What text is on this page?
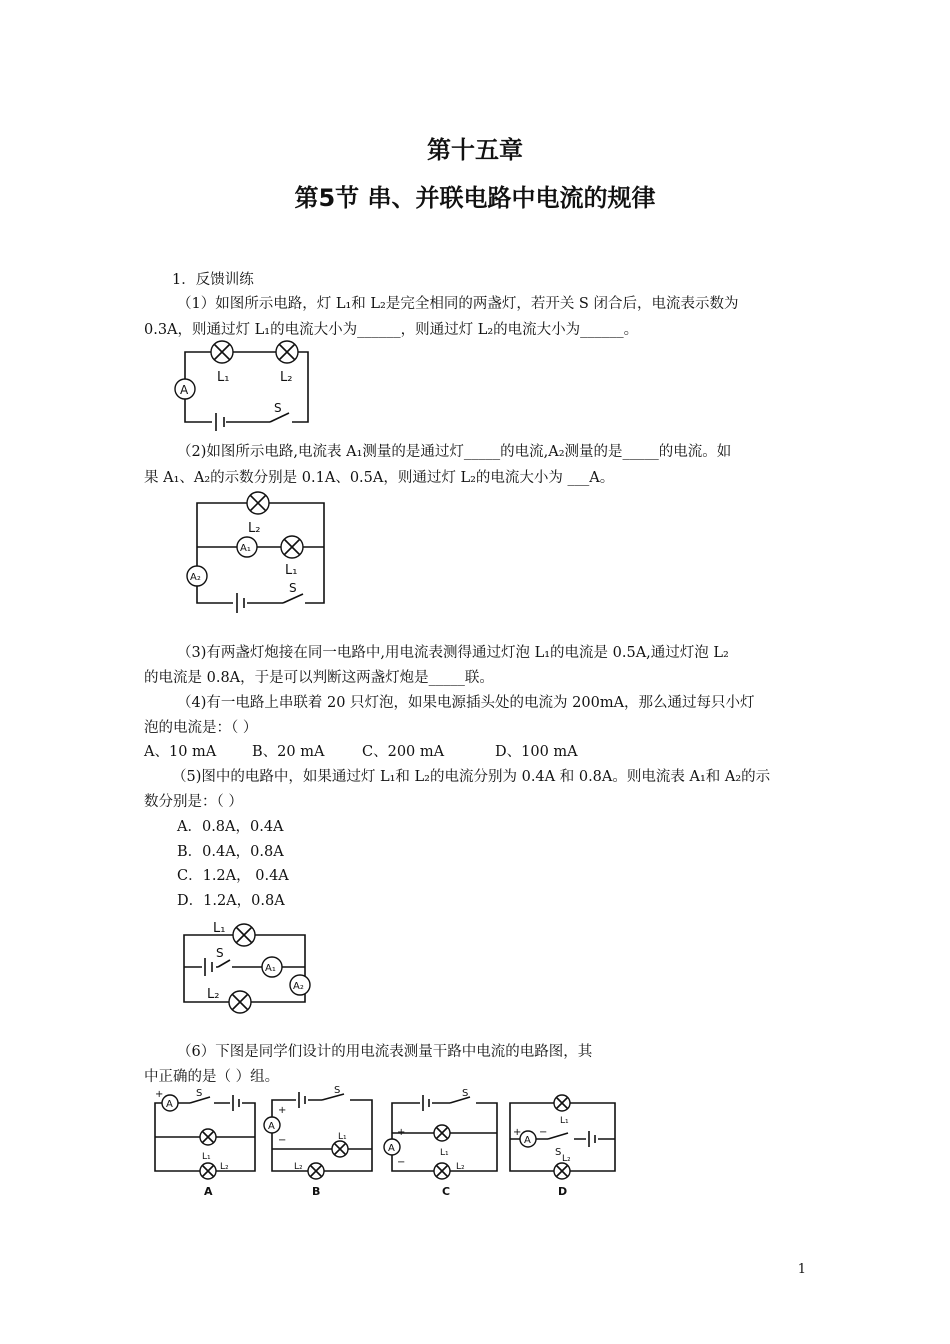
第十五章
第5节 串、并联电路中电流的规律
1．反馈训练
（1）如图所示电路，灯 L₁和 L₂是完全相同的两盏灯，若开关 S 闭合后，电流表示数为
0.3A，则通过灯 L₁的电流大小为______，则通过灯 L₂的电流大小为______。
L₁	L₂
A
S
（2)如图所示电路,电流表 A₁测量的是通过灯_____的电流,A₂测量的是_____的电流。如
果 A₁、A₂的示数分别是 0.1A、0.5A，则通过灯 L₂的电流大小为 ___A。
L₂
L₁
A₁
A₂
S
（3)有两盏灯炮接在同一电路中,用电流表测得通过灯泡 L₁的电流是 0.5A,通过灯泡 L₂
的电流是 0.8A，于是可以判断这两盏灯炮是_____联。
（4)有一电路上串联着 20 只灯泡，如果电源插头处的电流为 200mA，那么通过每只小灯
泡的电流是：（ ）
A、10 mA B、20 mA	C、200 mA	D、100 mA
（5)图中的电路中，如果通过灯 L₁和 L₂的电流分别为 0.4A 和 0.8A。则电流表 A₁和 A₂的示
数分别是：（ ）
A．0.8A，0.4A
B．0.4A，0.8A
C．1.2A， 0.4A
D．1.2A，0.8A
L₁
L₂
S
A₁
A₂
（6）下图是同学们设计的用电流表测量干路中电流的电路图，其
中正确的是（ ）组。
A
+	S
L₁
L₂
A
A
+
−
S
L₁
L₂
B
A
+
−
S
L₁
L₂
C
L₁
A
+ −
S
L₂
D
1
